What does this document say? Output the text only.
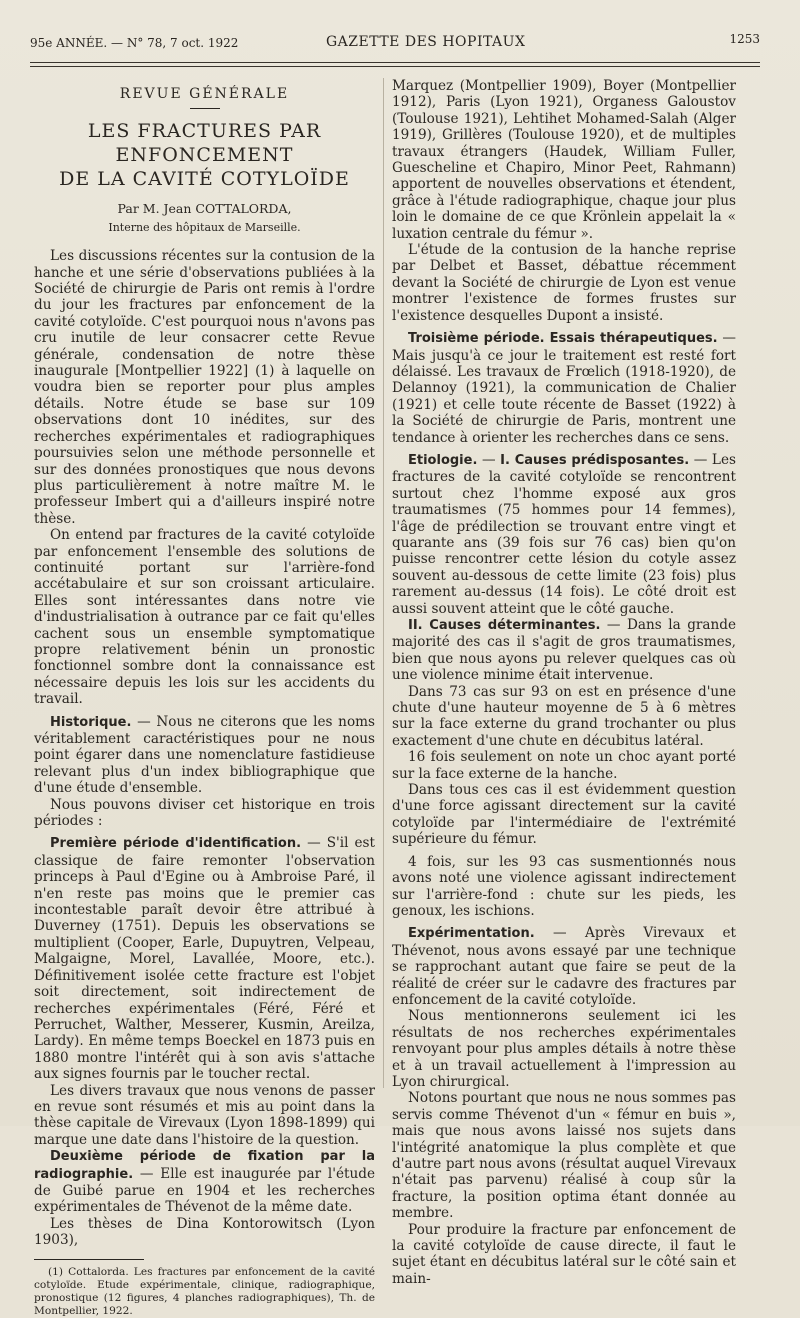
95e ANNÉE. — N° 78, 7 oct. 1922	GAZETTE DES HOPITAUX	1253
REVUE GÉNÉRALE
LES FRACTURES PAR ENFONCEMENT
DE LA CAVITÉ COTYLOÏDE
Par M. Jean COTTALORDA,
Interne des hôpitaux de Marseille.

Les discussions récentes sur la contusion de la hanche et une série d'observations publiées à la Société de chirurgie de Paris ont remis à l'ordre du jour les fractures par enfoncement de la cavité cotyloïde. C'est pourquoi nous n'avons pas cru inutile de leur consacrer cette Revue générale, condensation de notre thèse inaugurale [Montpellier 1922] (1) à laquelle on voudra bien se reporter pour plus amples détails. Notre étude se base sur 109 observations dont 10 inédites, sur des recherches expérimentales et radiographiques poursuivies selon une méthode personnelle et sur des données pronostiques que nous devons plus particulièrement à notre maître M. le professeur Imbert qui a d'ailleurs inspiré notre thèse.

On entend par fractures de la cavité cotyloïde par enfoncement l'ensemble des solutions de continuité portant sur l'arrière-fond accétabulaire et sur son croissant articulaire. Elles sont intéressantes dans notre vie d'industrialisation à outrance par ce fait qu'elles cachent sous un ensemble symptomatique propre relativement bénin un pronostic fonctionnel sombre dont la connaissance est nécessaire depuis les lois sur les accidents du travail.

Historique. — Nous ne citerons que les noms véritablement caractéristiques pour ne nous point égarer dans une nomenclature fastidieuse relevant plus d'un index bibliographique que d'une étude d'ensemble.

Nous pouvons diviser cet historique en trois périodes :

Première période d'identification. — S'il est classique de faire remonter l'observation princeps à Paul d'Egine ou à Ambroise Paré, il n'en reste pas moins que le premier cas incontestable paraît devoir être attribué à Duverney (1751). Depuis les observations se multiplient (Cooper, Earle, Dupuytren, Velpeau, Malgaigne, Morel, Lavallée, Moore, etc.). Définitivement isolée cette fracture est l'objet soit directement, soit indirectement de recherches expérimentales (Féré, Féré et Perruchet, Walther, Messerer, Kusmin, Areilza, Lardy). En même temps Boeckel en 1873 puis en 1880 montre l'intérêt qui à son avis s'attache aux signes fournis par le toucher rectal.

Les divers travaux que nous venons de passer en revue sont résumés et mis au point dans la thèse capitale de Virevaux (Lyon 1898-1899) qui marque une date dans l'histoire de la question.

Deuxième période de fixation par la radiographie. — Elle est inaugurée par l'étude de Guibé parue en 1904 et les recherches expérimentales de Thévenot de la même date.

Les thèses de Dina Kontorowitsch (Lyon 1903),

(1) Cottalorda. Les fractures par enfoncement de la cavité cotyloïde. Etude expérimentale, clinique, radiographique, pronostique (12 figures, 4 planches radiographiques), Th. de Montpellier, 1922.

Marquez (Montpellier 1909), Boyer (Montpellier 1912), Paris (Lyon 1921), Organess Galoustov (Toulouse 1921), Lehtihet Mohamed-Salah (Alger 1919), Grillères (Toulouse 1920), et de multiples travaux étrangers (Haudek, William Fuller, Guescheline et Chapiro, Minor Peet, Rahmann) apportent de nouvelles observations et étendent, grâce à l'étude radiographique, chaque jour plus loin le domaine de ce que Krönlein appelait la « luxation centrale du fémur ».

L'étude de la contusion de la hanche reprise par Delbet et Basset, débattue récemment devant la Société de chirurgie de Lyon est venue montrer l'existence de formes frustes sur l'existence desquelles Dupont a insisté.

Troisième période. Essais thérapeutiques. — Mais jusqu'à ce jour le traitement est resté fort délaissé. Les travaux de Frœlich (1918-1920), de Delannoy (1921), la communication de Chalier (1921) et celle toute récente de Basset (1922) à la Société de chirurgie de Paris, montrent une tendance à orienter les recherches dans ce sens.

Etiologie. — I. Causes prédisposantes. — Les fractures de la cavité cotyloïde se rencontrent surtout chez l'homme exposé aux gros traumatismes (75 hommes pour 14 femmes), l'âge de prédilection se trouvant entre vingt et quarante ans (39 fois sur 76 cas) bien qu'on puisse rencontrer cette lésion du cotyle assez souvent au-dessous de cette limite (23 fois) plus rarement au-dessus (14 fois). Le côté droit est aussi souvent atteint que le côté gauche.

II. Causes déterminantes. — Dans la grande majorité des cas il s'agit de gros traumatismes, bien que nous ayons pu relever quelques cas où une violence minime était intervenue.

Dans 73 cas sur 93 on est en présence d'une chute d'une hauteur moyenne de 5 à 6 mètres sur la face externe du grand trochanter ou plus exactement d'une chute en décubitus latéral.

16 fois seulement on note un choc ayant porté sur la face externe de la hanche.

Dans tous ces cas il est évidemment question d'une force agissant directement sur la cavité cotyloïde par l'intermédiaire de l'extrémité supérieure du fémur.

4 fois, sur les 93 cas susmentionnés nous avons noté une violence agissant indirectement sur l'arrière-fond : chute sur les pieds, les genoux, les ischions.

Expérimentation. — Après Virevaux et Thévenot, nous avons essayé par une technique se rapprochant autant que faire se peut de la réalité de créer sur le cadavre des fractures par enfoncement de la cavité cotyloïde.

Nous mentionnerons seulement ici les résultats de nos recherches expérimentales renvoyant pour plus amples détails à notre thèse et à un travail actuellement à l'impression au Lyon chirurgical.

Notons pourtant que nous ne nous sommes pas servis comme Thévenot d'un « fémur en buis », mais que nous avons laissé nos sujets dans l'intégrité anatomique la plus complète et que d'autre part nous avons (résultat auquel Virevaux n'était pas parvenu) réalisé à coup sûr la fracture, la position optima étant donnée au membre.

Pour produire la fracture par enfoncement de la cavité cotyloïde de cause directe, il faut le sujet étant en décubitus latéral sur le côté sain et main-
